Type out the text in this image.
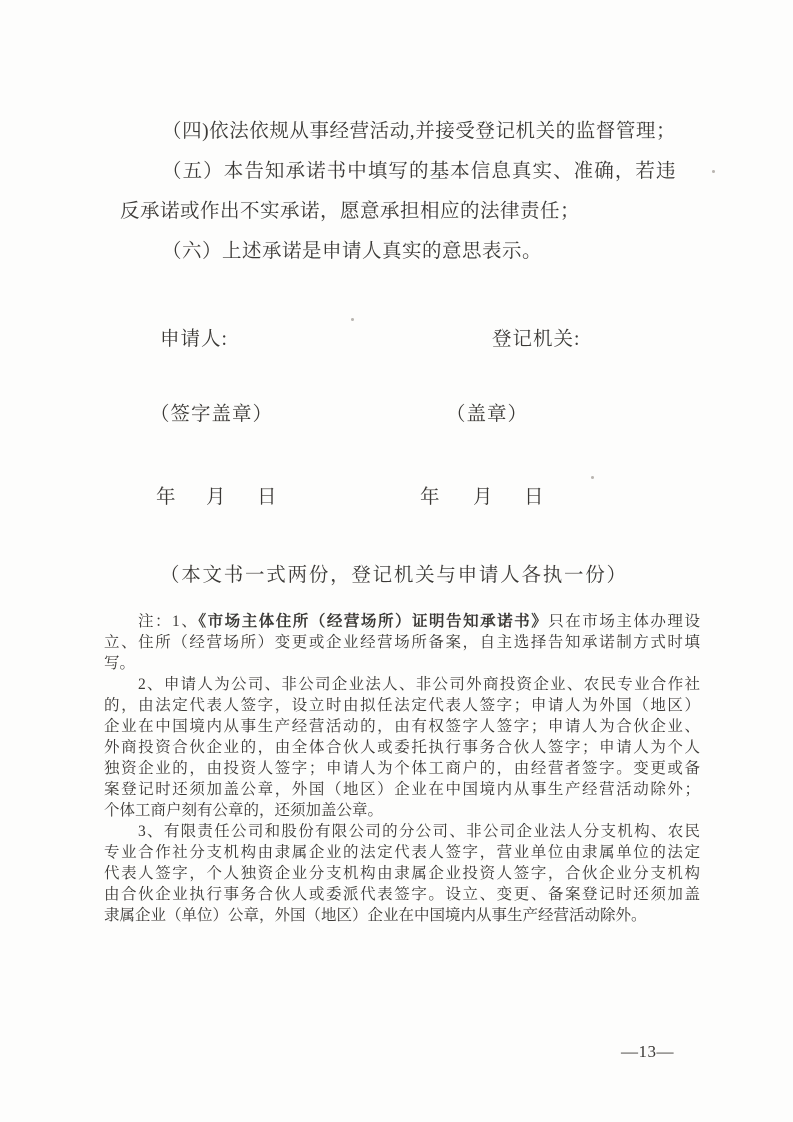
（四)依法依规从事经营活动,并接受登记机关的监督管理；
（五）本告知承诺书中填写的基本信息真实、准确，若违
反承诺或作出不实承诺，愿意承担相应的法律责任；
（六）上述承诺是申请人真实的意思表示。
申请人:	登记机关:
（签字盖章）	（盖章）
年 月 日	年 月 日
（本文书一式两份，登记机关与申请人各执一份）
注：1、《市场主体住所（经营场所）证明告知承诺书》只在市场主体办理设
立、住所（经营场所）变更或企业经营场所备案，自主选择告知承诺制方式时填
写。
2、申请人为公司、非公司企业法人、非公司外商投资企业、农民专业合作社
的，由法定代表人签字，设立时由拟任法定代表人签字；申请人为外国（地区）
企业在中国境内从事生产经营活动的，由有权签字人签字；申请人为合伙企业、
外商投资合伙企业的，由全体合伙人或委托执行事务合伙人签字；申请人为个人
独资企业的，由投资人签字；申请人为个体工商户的，由经营者签字。变更或备
案登记时还须加盖公章，外国（地区）企业在中国境内从事生产经营活动除外；
个体工商户刻有公章的，还须加盖公章。
3、有限责任公司和股份有限公司的分公司、非公司企业法人分支机构、农民
专业合作社分支机构由隶属企业的法定代表人签字，营业单位由隶属单位的法定
代表人签字，个人独资企业分支机构由隶属企业投资人签字，合伙企业分支机构
由合伙企业执行事务合伙人或委派代表签字。设立、变更、备案登记时还须加盖
隶属企业（单位）公章，外国（地区）企业在中国境内从事生产经营活动除外。
—13—
